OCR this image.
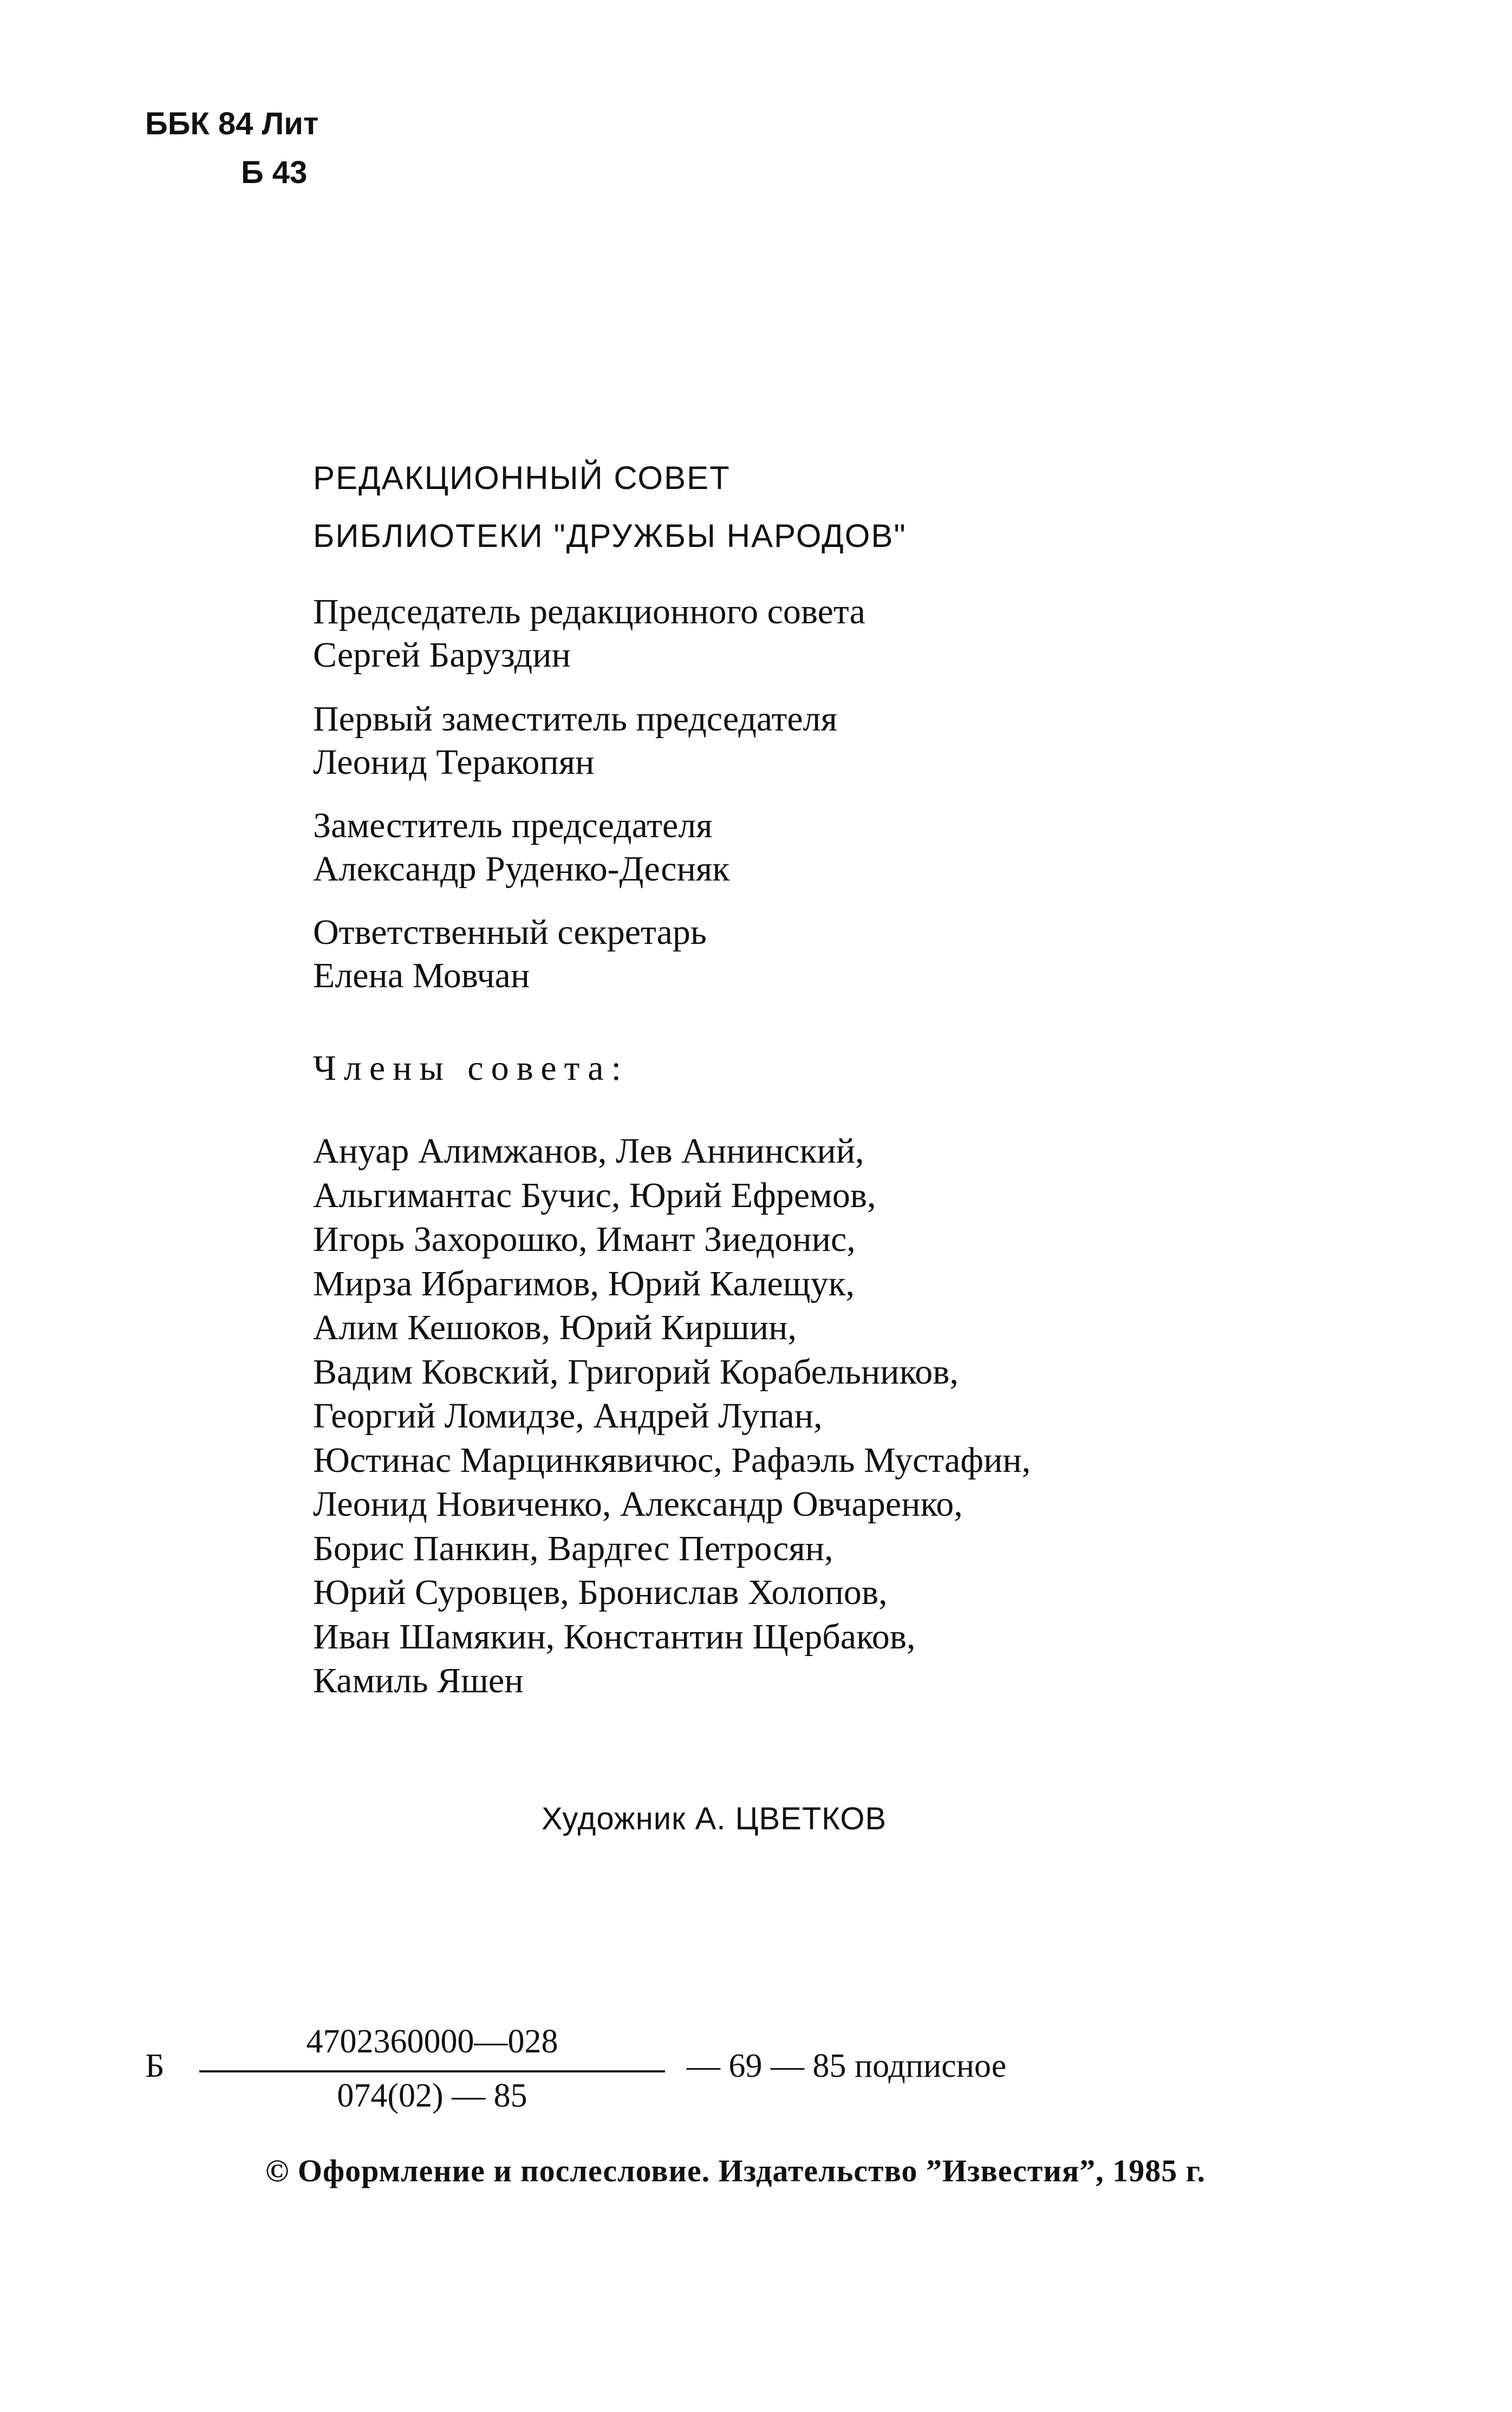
ББК 84 Лит
Б 43
РЕДАКЦИОННЫЙ СОВЕТ
БИБЛИОТЕКИ "ДРУЖБЫ НАРОДОВ"
Председатель редакционного совета
Сергей Баруздин
Первый заместитель председателя
Леонид Теракопян
Заместитель председателя
Александр Руденко-Десняк
Ответственный секретарь
Елена Мовчан
Члены совета:
Ануар Алимжанов, Лев Аннинский,
Альгимантас Бучис, Юрий Ефремов,
Игорь Захорошко, Имант Зиедонис,
Мирза Ибрагимов, Юрий Калещук,
Алим Кешоков, Юрий Киршин,
Вадим Ковский, Григорий Корабельников,
Георгий Ломидзе, Андрей Лупан,
Юстинас Марцинкявичюс, Рафаэль Мустафин,
Леонид Новиченко, Александр Овчаренко,
Борис Панкин, Вардгес Петросян,
Юрий Суровцев, Бронислав Холопов,
Иван Шамякин, Константин Щербаков,
Камиль Яшен
Художник А. ЦВЕТКОВ
Б
4702360000—028
074(02) — 85
— 69 — 85 подписное
© Оформление и послесловие. Издательство ”Известия”, 1985 г.
